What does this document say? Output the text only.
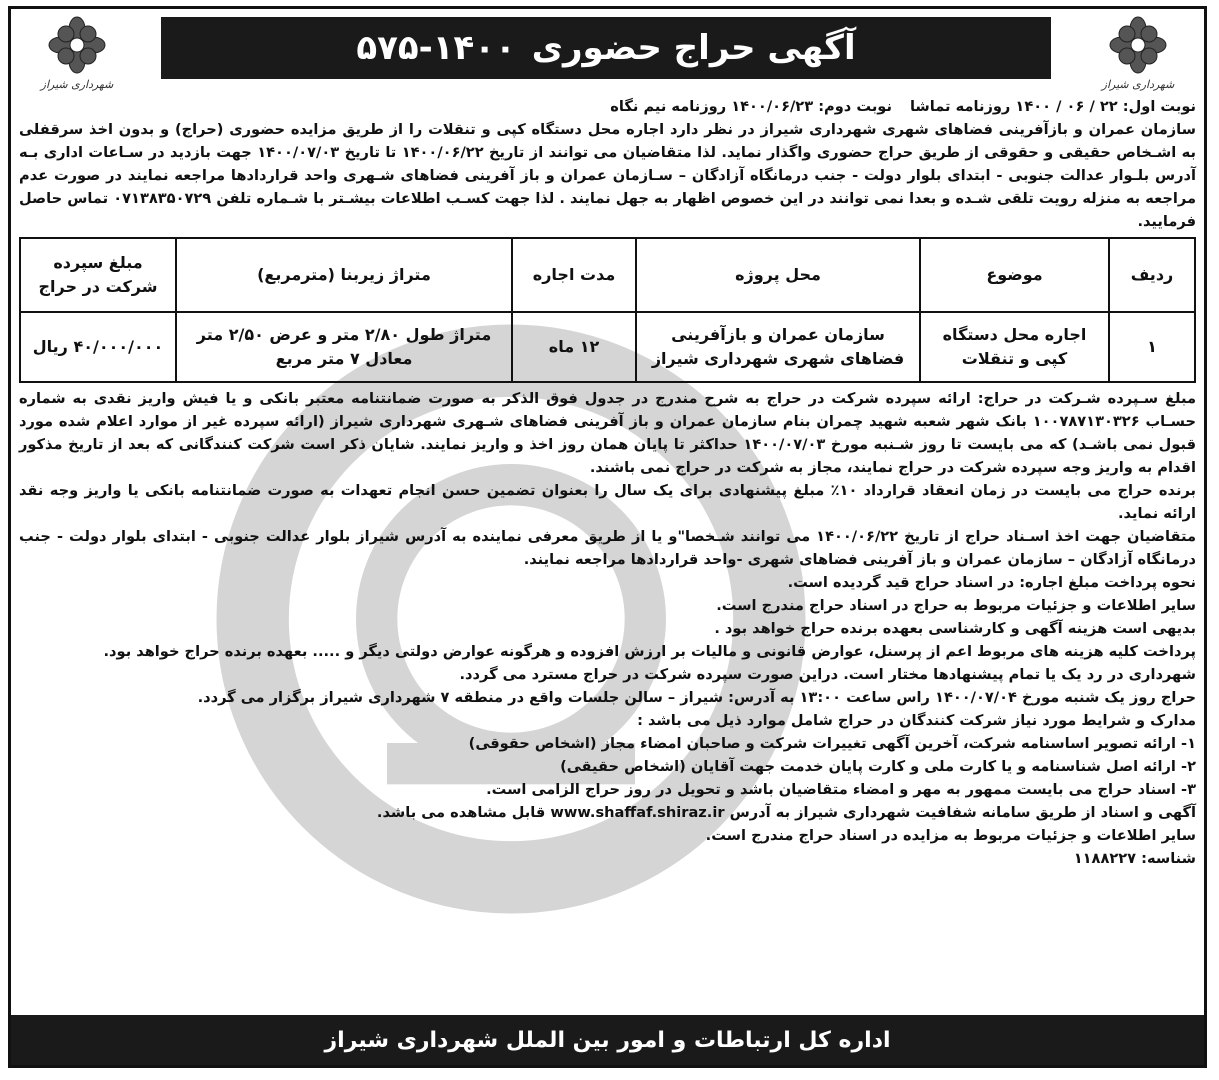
شهرداری شیراز
آگهی حراج حضوری
۵۷۵-۱۴۰۰
شهرداری شیراز
نوبت اول: ۲۲ / ۰۶ / ۱۴۰۰ روزنامه تماشا
نوبت دوم: ۱۴۰۰/۰۶/۲۳ روزنامه نیم نگاه

سازمان عمران و بازآفرینی فضاهای شهری شهرداری شیراز در نظر دارد اجاره محل دستگاه کپی و تنقلات را از طریق مزایده حضوری (حراج) و بدون اخذ سرقفلی به اشـخاص حقیقی و حقوقی از طریق حراج حضوری واگذار نماید. لذا متقاضیان می توانند از تاریخ ۱۴۰۰/۰۶/۲۲ تا تاریخ ۱۴۰۰/۰۷/۰۳ جهت بازدید در سـاعات اداری بـه آدرس بلـوار عدالت جنوبی - ابتدای بلوار دولت - جنب درمانگاه آزادگان – سـازمان عمران و باز آفرینی فضاهای شـهری واحد قراردادها مراجعه نمایند در صورت عدم مراجعه به منزله رویت تلقی شـده و بعدا نمی توانند در این خصوص اظهار به جهل نمایند . لذا جهت کسـب اطلاعات بیشـتر با شـماره تلفن ۰۷۱۳۸۳۵۰۷۲۹ تماس حاصل فرمایید.

ردیف	موضوع	محل پروژه	مدت اجاره	متراژ زیربنا (مترمربع)	مبلغ سپرده شرکت در حراج
۱	اجاره محل دستگاه کپی و تنقلات	سازمان عمران و بازآفرینی فضاهای شهری شهرداری شیراز	۱۲ ماه	متراژ طول ۲/۸۰ متر و عرض ۲/۵۰ متر معادل ۷ متر مربع	۴۰/۰۰۰/۰۰۰ ریال

مبلغ سـپرده شـرکت در حراج: ارائه سپرده شرکت در حراج به شرح مندرج در جدول فوق الذکر به صورت ضمانتنامه معتبر بانکی و یا فیش واریز نقدی به شماره حسـاب ۱۰۰۷۸۷۱۳۰۳۲۶ بانک شهر شعبه شهید چمران بنام سازمان عمران و باز آفرینی فضاهای شـهری شهرداری شیراز (ارائه سپرده غیر از موارد اعلام شده مورد قبول نمی باشـد) که می بایست تا روز شـنبه مورخ ۱۴۰۰/۰۷/۰۳ حداکثر تا پایان همان روز اخذ و واریز نمایند. شایان ذکر است شرکت کنندگانی که بعد از تاریخ مذکور اقدام به واریز وجه سپرده شرکت در حراج نمایند، مجاز به شرکت در حراج نمی باشند.

برنده حراج می بایست در زمان انعقاد قرارداد ۱۰٪ مبلغ پیشنهادی برای یک سال را بعنوان تضمین حسن انجام تعهدات به صورت ضمانتنامه بانکی یا واریز وجه نقد ارائه نماید.

متقاضیان جهت اخذ اسـناد حراج از تاریخ ۱۴۰۰/۰۶/۲۲ می توانند شـخصا"و یا از طریق معرفی نماینده به آدرس شیراز بلوار عدالت جنوبی - ابتدای بلوار دولت - جنب درمانگاه آزادگان – سازمان عمران و باز آفرینی فضاهای شهری -واحد قراردادها مراجعه نمایند.

نحوه پرداخت مبلغ اجاره: در اسناد حراج قید گردیده است.

سایر اطلاعات و جزئیات مربوط به حراج در اسناد حراج مندرج است.

بدیهی است هزینه آگهی و کارشناسی بعهده برنده حراج خواهد بود .

پرداخت کلیه هزینه های مربوط اعم از پرسنل، عوارض قانونی و مالیات بر ارزش افزوده و هرگونه عوارض دولتی دیگر و ..... بعهده برنده حراج خواهد بود.

شهرداری در رد یک یا تمام پیشنهادها مختار است. دراین صورت سپرده شرکت در حراج مسترد می گردد.

حراج روز یک شنبه مورخ ۱۴۰۰/۰۷/۰۴ راس ساعت ۱۳:۰۰ به آدرس: شیراز – سالن جلسات واقع در منطقه ۷ شهرداری شیراز برگزار می گردد.

مدارک و شرایط مورد نیاز شرکت کنندگان در حراج شامل موارد ذیل می باشد :

۱- ارائه تصویر اساسنامه شرکت، آخرین آگهی تغییرات شرکت و صاحبان امضاء مجاز (اشخاص حقوقی)

۲- ارائه اصل شناسنامه و یا کارت ملی و کارت پایان خدمت جهت آقایان (اشخاص حقیقی)

۳- اسناد حراج می بایست ممهور به مهر و امضاء متقاضیان باشد و تحویل در روز حراج الزامی است.

آگهی و اسناد از طریق سامانه شفافیت شهرداری شیراز به آدرس www.shaffaf.shiraz.ir قابل مشاهده می باشد.

سایر اطلاعات و جزئیات مربوط به مزایده در اسناد حراج مندرج است.

شناسه: ۱۱۸۸۲۲۷

اداره کل ارتباطات و امور بین الملل شهرداری شیراز
